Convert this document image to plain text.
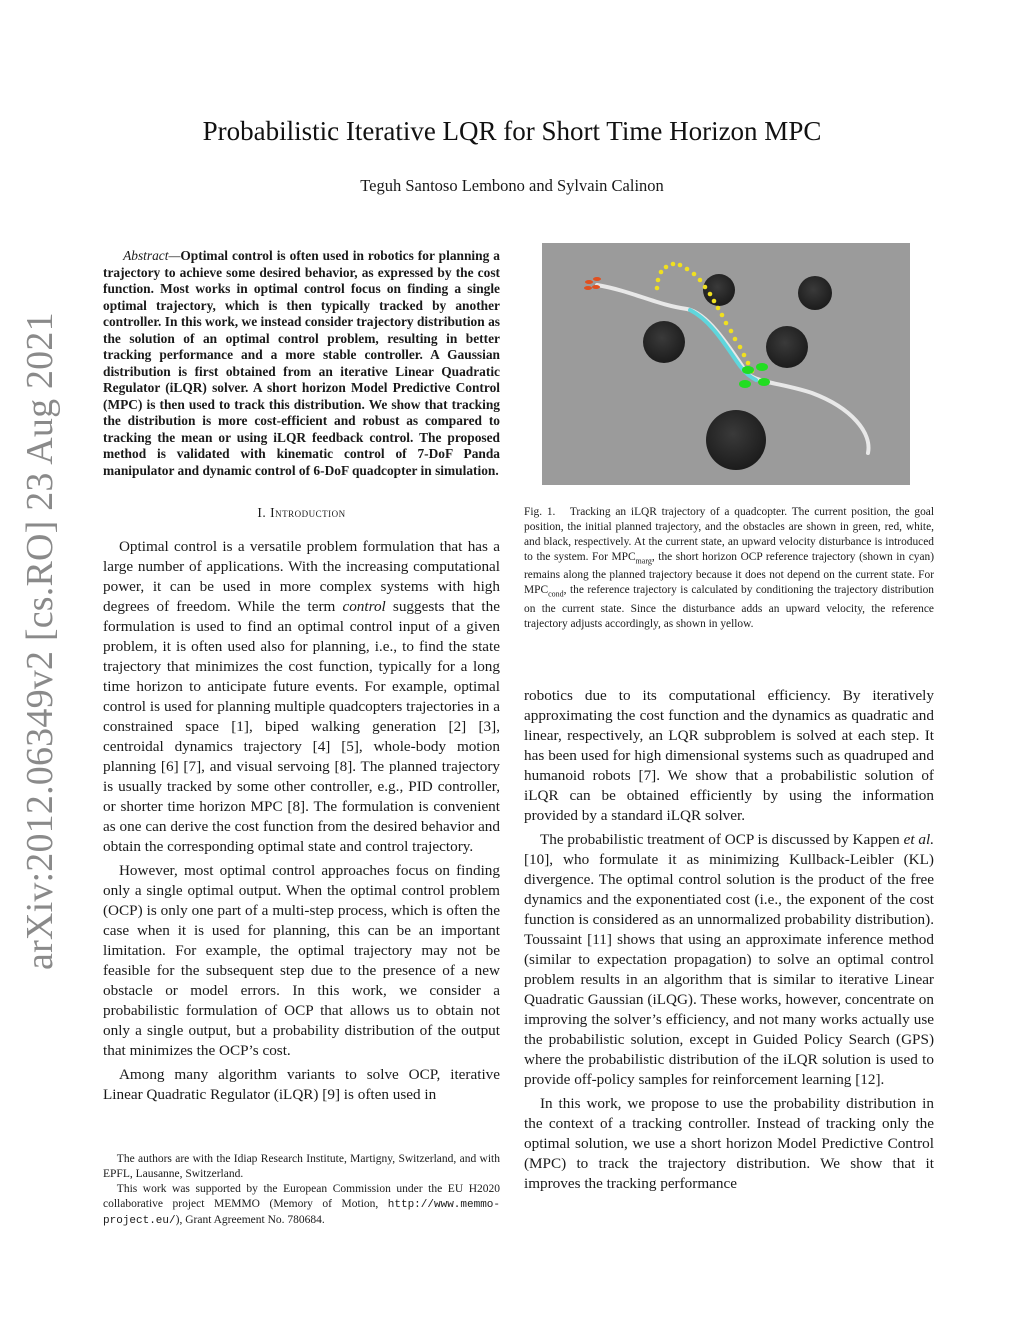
arXiv:2012.06349v2 [cs.RO] 23 Aug 2021
Probabilistic Iterative LQR for Short Time Horizon MPC
Teguh Santoso Lembono and Sylvain Calinon
Abstract—Optimal control is often used in robotics for planning a trajectory to achieve some desired behavior, as expressed by the cost function. Most works in optimal control focus on finding a single optimal trajectory, which is then typically tracked by another controller. In this work, we instead consider trajectory distribution as the solution of an optimal control problem, resulting in better tracking performance and a more stable controller. A Gaussian distribution is first obtained from an iterative Linear Quadratic Regulator (iLQR) solver. A short horizon Model Predictive Control (MPC) is then used to track this distribution. We show that tracking the distribution is more cost-efficient and robust as compared to tracking the mean or using iLQR feedback control. The proposed method is validated with kinematic control of 7-DoF Panda manipulator and dynamic control of 6-DoF quadcopter in simulation.
I. Introduction

Optimal control is a versatile problem formulation that has a large number of applications. With the increasing computational power, it can be used in more complex systems with high degrees of freedom. While the term control suggests that the formulation is used to find an optimal control input of a given problem, it is often used also for planning, i.e., to find the state trajectory that minimizes the cost function, typically for a long time horizon to anticipate future events. For example, optimal control is used for planning multiple quadcopters trajectories in a constrained space [1], biped walking generation [2] [3], centroidal dynamics trajectory [4] [5], whole-body motion planning [6] [7], and visual servoing [8]. The planned trajectory is usually tracked by some other controller, e.g., PID controller, or shorter time horizon MPC [8]. The formulation is convenient as one can derive the cost function from the desired behavior and obtain the corresponding optimal state and control trajectory.

However, most optimal control approaches focus on finding only a single optimal output. When the optimal control problem (OCP) is only one part of a multi-step process, which is often the case when it is used for planning, this can be an important limitation. For example, the optimal trajectory may not be feasible for the subsequent step due to the presence of a new obstacle or model errors. In this work, we consider a probabilistic formulation of OCP that allows us to obtain not only a single output, but a probability distribution of the output that minimizes the OCP’s cost.

Among many algorithm variants to solve OCP, iterative Linear Quadratic Regulator (iLQR) [9] is often used in

The authors are with the Idiap Research Institute, Martigny, Switzerland, and with EPFL, Lausanne, Switzerland.

This work was supported by the European Commission under the EU H2020 collaborative project MEMMO (Memory of Motion, http://www.memmo-project.eu/), Grant Agreement No. 780684.

Fig. 1. Tracking an iLQR trajectory of a quadcopter. The current position, the goal position, the initial planned trajectory, and the obstacles are shown in green, red, white, and black, respectively. At the current state, an upward velocity disturbance is introduced to the system. For $MPC_{marg}$, the short horizon OCP reference trajectory (shown in cyan) remains along the planned trajectory because it does not depend on the current state. For $MPC_{cond}$, the reference trajectory is calculated by conditioning the trajectory distribution on the current state. Since the disturbance adds an upward velocity, the reference trajectory adjusts accordingly, as shown in yellow.

robotics due to its computational efficiency. By iteratively approximating the cost function and the dynamics as quadratic and linear, respectively, an LQR subproblem is solved at each step. It has been used for high dimensional systems such as quadruped and humanoid robots [7]. We show that a probabilistic solution of iLQR can be obtained efficiently by using the information provided by a standard iLQR solver.

The probabilistic treatment of OCP is discussed by Kappen et al. [10], who formulate it as minimizing Kullback-Leibler (KL) divergence. The optimal control solution is the product of the free dynamics and the exponentiated cost (i.e., the exponent of the cost function is considered as an unnormalized probability distribution). Toussaint [11] shows that using an approximate inference method (similar to expectation propagation) to solve an optimal control problem results in an algorithm that is similar to iterative Linear Quadratic Gaussian (iLQG). These works, however, concentrate on improving the solver’s efficiency, and not many works actually use the probabilistic solution, except in Guided Policy Search (GPS) where the probabilistic distribution of the iLQR solution is used to provide off-policy samples for reinforcement learning [12].

In this work, we propose to use the probability distribution in the context of a tracking controller. Instead of tracking only the optimal solution, we use a short horizon Model Predictive Control (MPC) to track the trajectory distribution. We show that it improves the tracking performance
